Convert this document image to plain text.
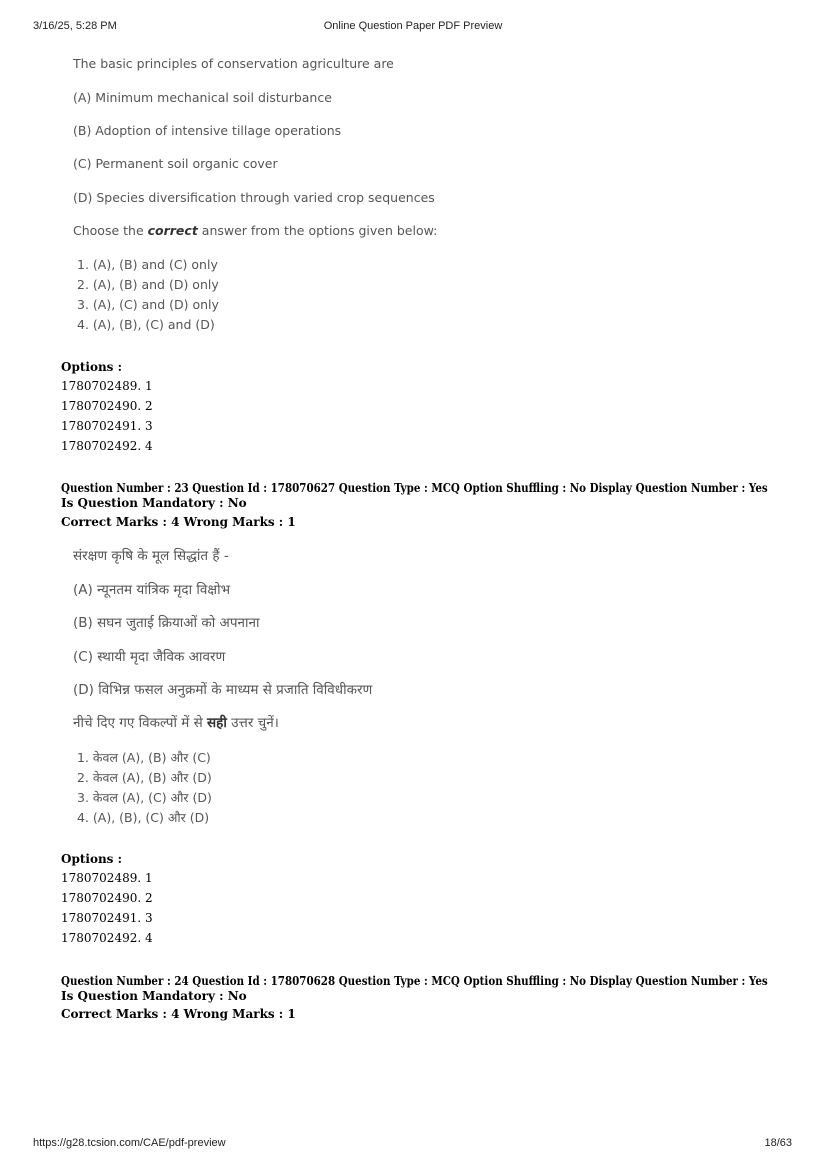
3/16/25, 5:28 PM	Online Question Paper PDF Preview
The basic principles of conservation agriculture are
(A) Minimum mechanical soil disturbance
(B) Adoption of intensive tillage operations
(C) Permanent soil organic cover
(D) Species diversification through varied crop sequences
Choose the correct answer from the options given below:
1. (A), (B) and (C) only
2. (A), (B) and (D) only
3. (A), (C) and (D) only
4. (A), (B), (C) and (D)
Options :
1780702489. 1
1780702490. 2
1780702491. 3
1780702492. 4
Question Number : 23 Question Id : 178070627 Question Type : MCQ Option Shuffling : No Display Question Number : Yes
Is Question Mandatory : No
Correct Marks : 4 Wrong Marks : 1
संरक्षण कृषि के मूल सिद्धांत हैं -
(A) न्यूनतम यांत्रिक मृदा विक्षोभ
(B) सघन जुताई क्रियाओं को अपनाना
(C) स्थायी मृदा जैविक आवरण
(D) विभिन्न फसल अनुक्रमों के माध्यम से प्रजाति विविधीकरण
नीचे दिए गए विकल्पों में से सही उत्तर चुनें।
1. केवल (A), (B) और (C)
2. केवल (A), (B) और (D)
3. केवल (A), (C) और (D)
4. (A), (B), (C) और (D)
Options :
1780702489. 1
1780702490. 2
1780702491. 3
1780702492. 4
Question Number : 24 Question Id : 178070628 Question Type : MCQ Option Shuffling : No Display Question Number : Yes
Is Question Mandatory : No
Correct Marks : 4 Wrong Marks : 1
https://g28.tcsion.com/CAE/pdf-preview	18/63
